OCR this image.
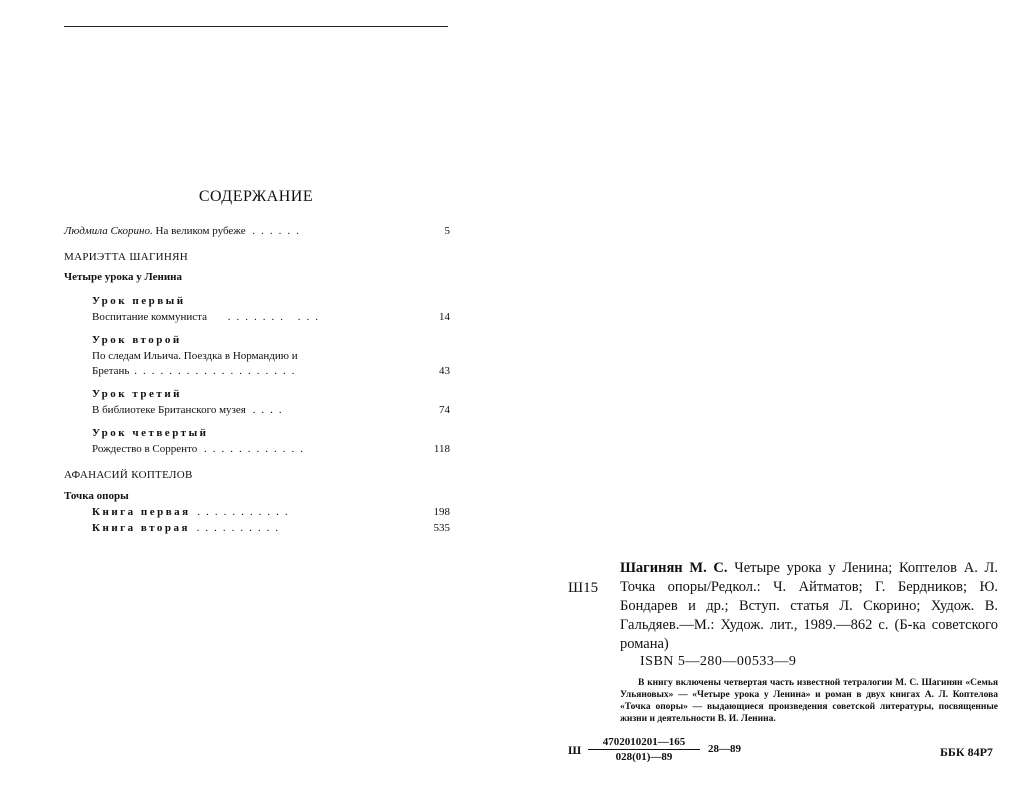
СОДЕРЖАНИЕ
Людмила Скорино. На великом рубеже ......	5
МАРИЭТТА ШАГИНЯН
Четыре урока у Ленина
Урок первый
Воспитание коммуниста ....... ...	14
Урок второй
По следам Ильича. Поездка в Нормандию и
Бретань ...................	43
Урок третий
В библиотеке Британского музея ....	74
Урок четвертый
Рождество в Сорренто ............	118
АФАНАСИЙ КОПТЕЛОВ
Точка опоры
Книга первая ...........	198
Книга вторая ..........	535
Ш15
Шагинян М. С. Четыре урока у Ленина; Коптелов А. Л. Точка опоры/Редкол.: Ч. Айтматов; Г. Бердников; Ю. Бондарев и др.; Вступ. статья Л. Скорино; Худож. В. Гальдяев.—М.: Худож. лит., 1989.—862 с. (Б-ка советского романа)
ISBN 5—280—00533—9
В книгу включены четвертая часть известной тетралогии М. С. Шагинян «Семья Ульяновых» — «Четыре урока у Ленина» и роман в двух книгах А. Л. Коптелова «Точка опоры» — выдающиеся произведения советской литературы, посвященные жизни и деятельности В. И. Ленина.
Ш $\frac{4702010201—165}{028(01)—89}$ 28—89	ББК 84Р7
